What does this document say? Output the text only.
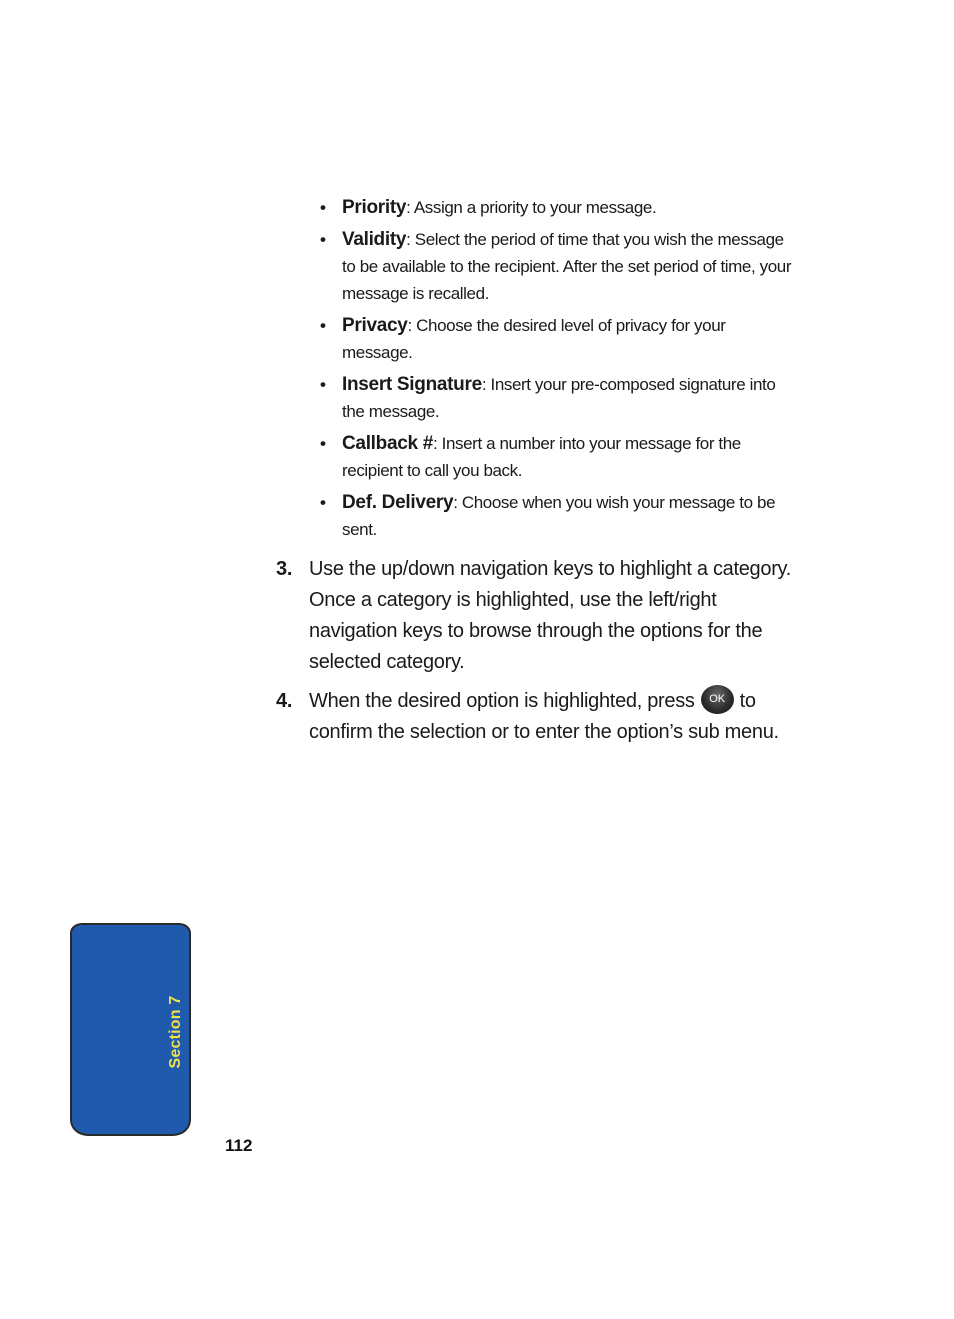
• Priority: Assign a priority to your message.
• Validity: Select the period of time that you wish the message to be available to the recipient. After the set period of time, your message is recalled.
• Privacy: Choose the desired level of privacy for your message.
• Insert Signature: Insert your pre-composed signature into the message.
• Callback #: Insert a number into your message for the recipient to call you back.
• Def. Delivery: Choose when you wish your message to be sent.
3. Use the up/down navigation keys to highlight a category. Once a category is highlighted, use the left/right navigation keys to browse through the options for the selected category.
4. When the desired option is highlighted, press OK to confirm the selection or to enter the option’s sub menu.
Section 7
112
